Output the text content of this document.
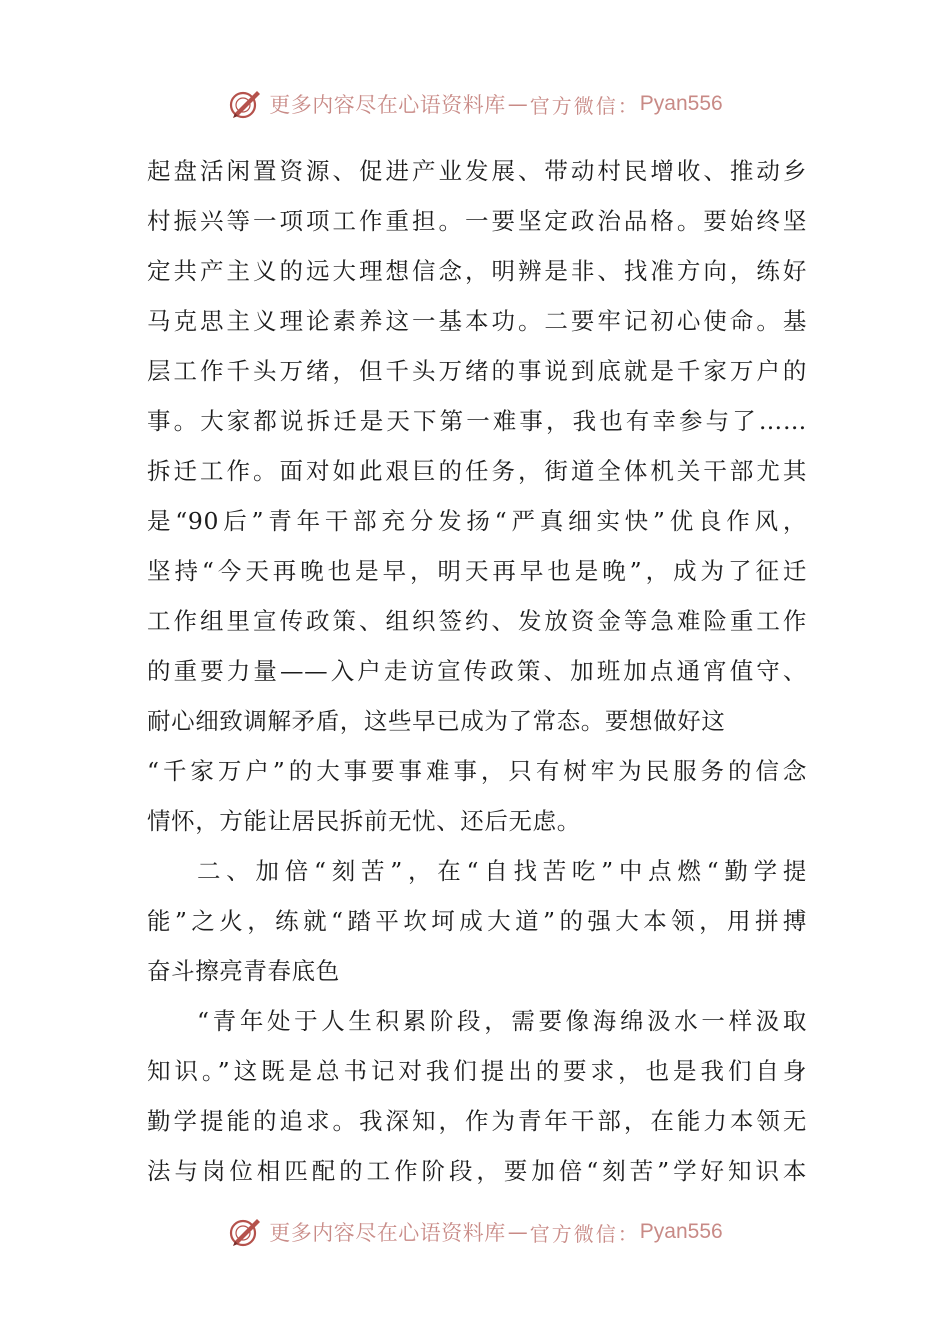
更多内容尽在心语资料库 — 官方微信： Pyan556
起盘活闲置资源、促进产业发展、带动村民增收、推动乡
村振兴等一项项工作重担。一要坚定政治品格。要始终坚
定共产主义的远大理想信念，明辨是非、找准方向，练好
马克思主义理论素养这一基本功。二要牢记初心使命。基
层工作千头万绪，但千头万绪的事说到底就是千家万户的
事。大家都说拆迁是天下第一难事，我也有幸参与了……
拆迁工作。面对如此艰巨的任务，街道全体机关干部尤其
是“90后”青年干部充分发扬“严真细实快”优良作风，
坚持“今天再晚也是早，明天再早也是晚”，成为了征迁
工作组里宣传政策、组织签约、发放资金等急难险重工作
的重要力量——入户走访宣传政策、加班加点通宵值守、
耐心细致调解矛盾，这些早已成为了常态。要想做好这
“千家万户”的大事要事难事，只有树牢为民服务的信念
情怀，方能让居民拆前无忧、还后无虑。
二、加倍“刻苦”，在“自找苦吃”中点燃“勤学提
能”之火，练就“踏平坎坷成大道”的强大本领，用拼搏
奋斗擦亮青春底色
“青年处于人生积累阶段，需要像海绵汲水一样汲取
知识。”这既是总书记对我们提出的要求，也是我们自身
勤学提能的追求。我深知，作为青年干部，在能力本领无
法与岗位相匹配的工作阶段，要加倍“刻苦”学好知识本
更多内容尽在心语资料库 — 官方微信： Pyan556
